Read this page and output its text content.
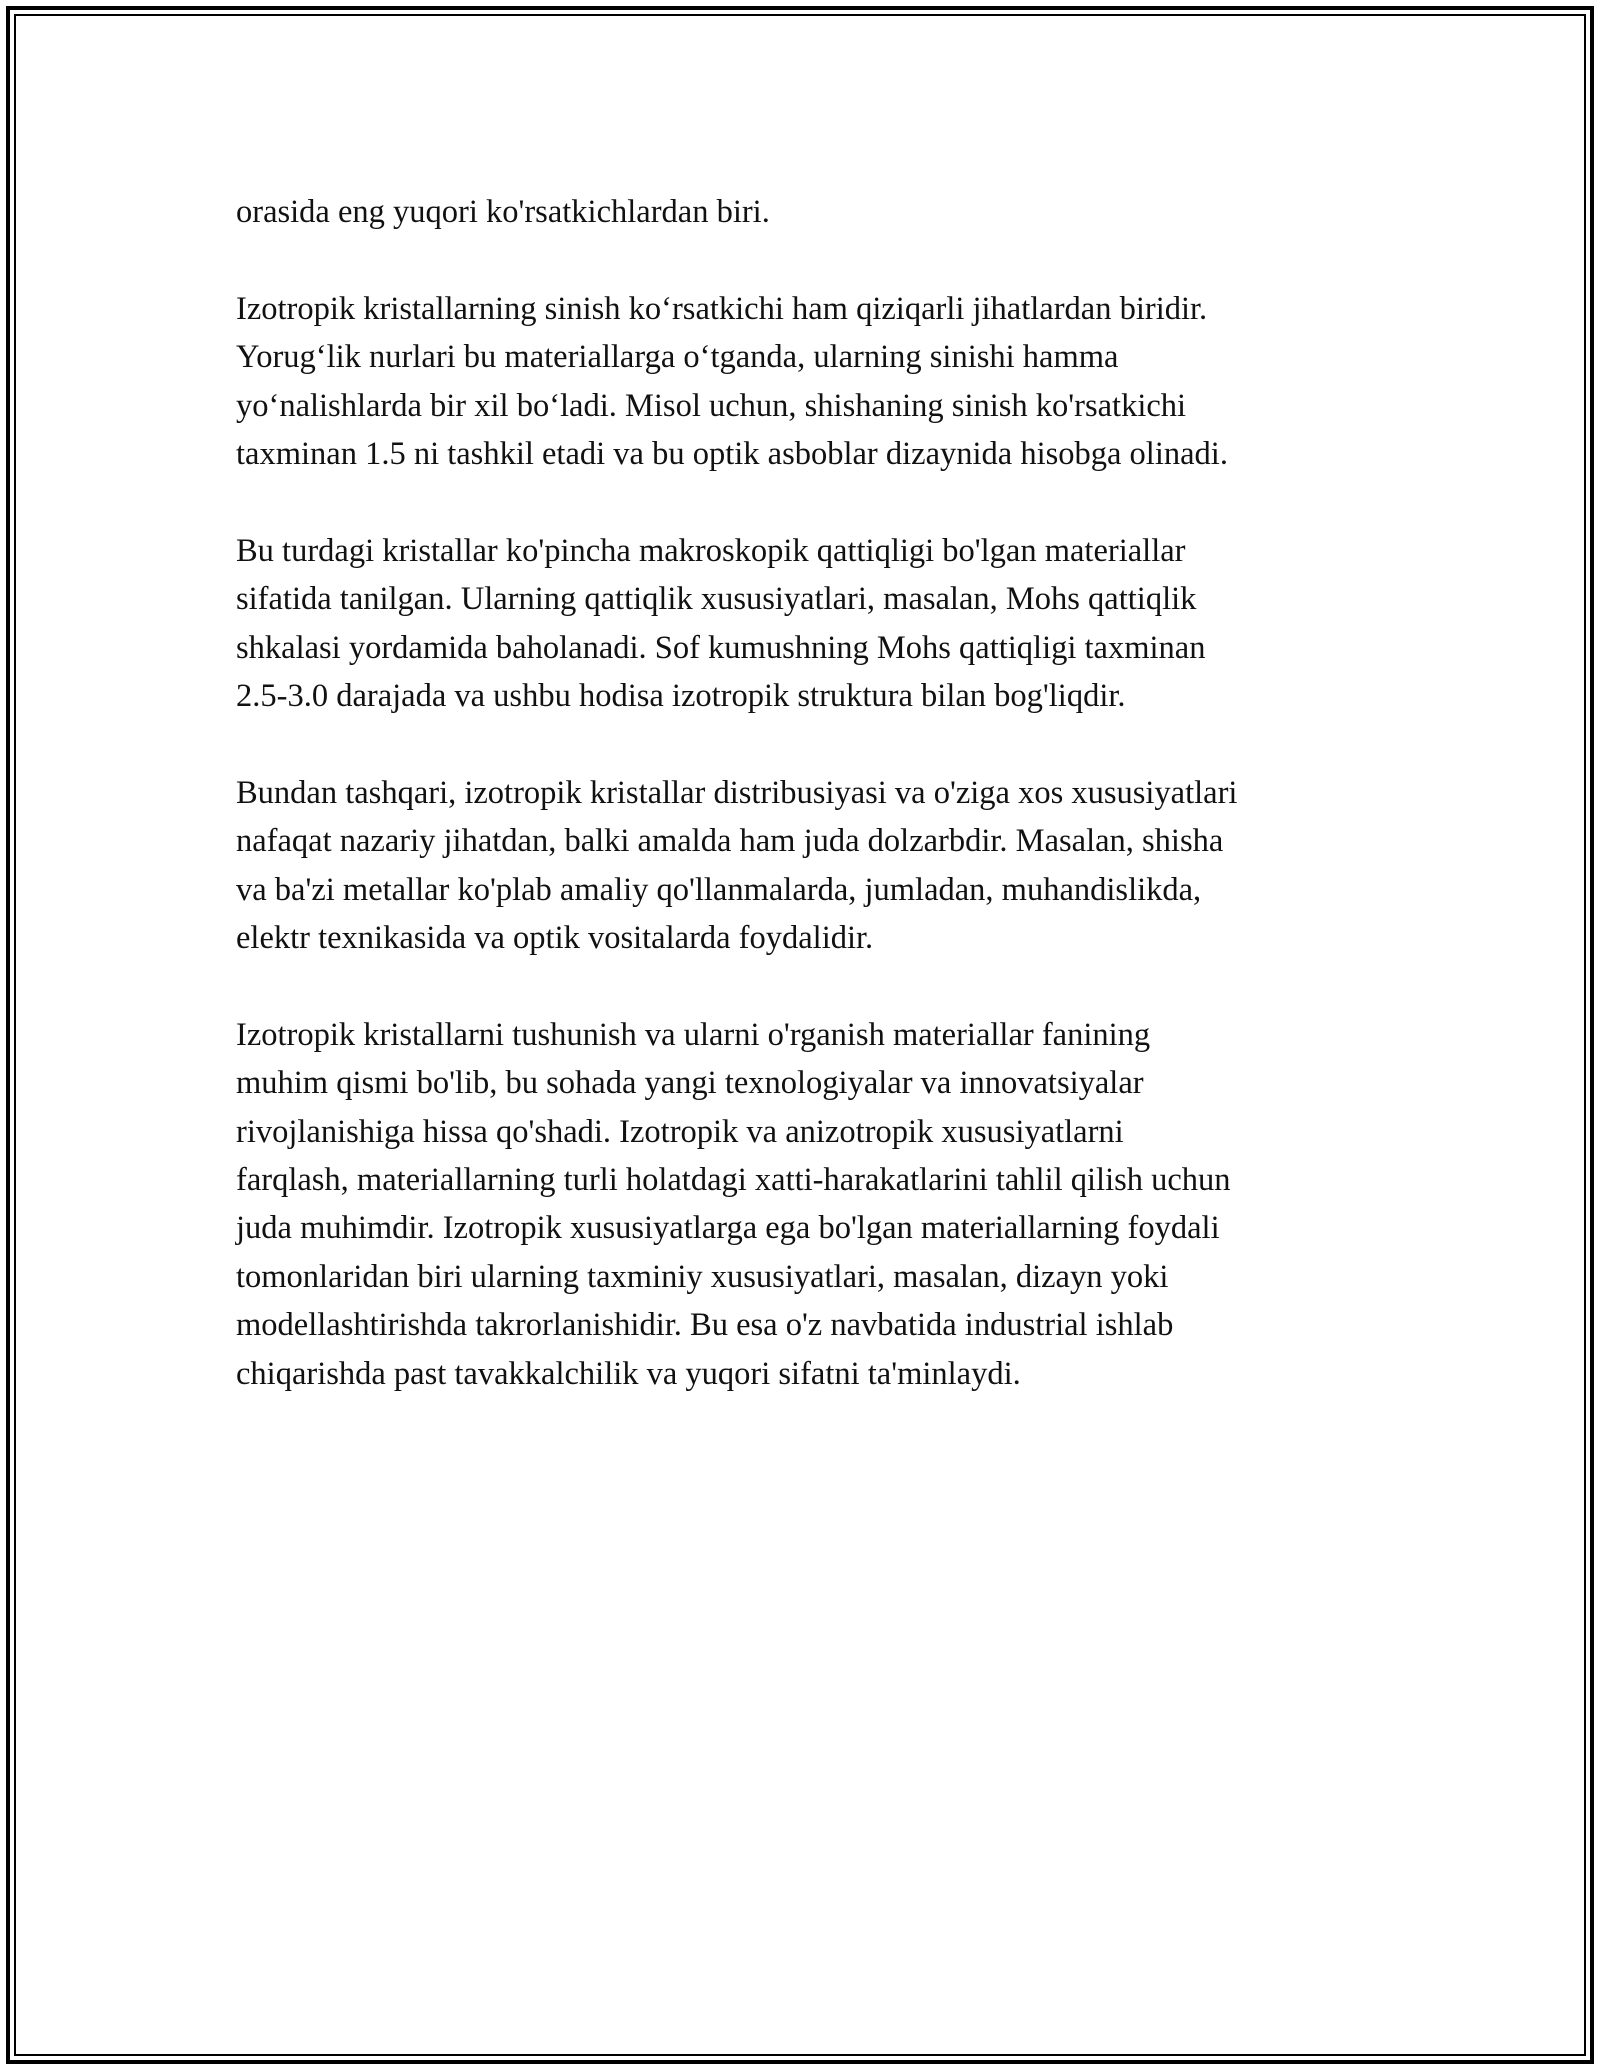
orasida eng yuqori ko'rsatkichlardan biri.

Izotropik kristallarning sinish koʻrsatkichi ham qiziqarli jihatlardan biridir.
Yorugʻlik nurlari bu materiallarga oʻtganda, ularning sinishi hamma
yoʻnalishlarda bir xil boʻladi. Misol uchun, shishaning sinish ko'rsatkichi
taxminan 1.5 ni tashkil etadi va bu optik asboblar dizaynida hisobga olinadi.

Bu turdagi kristallar ko'pincha makroskopik qattiqligi bo'lgan materiallar
sifatida tanilgan. Ularning qattiqlik xususiyatlari, masalan, Mohs qattiqlik
shkalasi yordamida baholanadi. Sof kumushning Mohs qattiqligi taxminan
2.5-3.0 darajada va ushbu hodisa izotropik struktura bilan bog'liqdir.

Bundan tashqari, izotropik kristallar distribusiyasi va o'ziga xos xususiyatlari
nafaqat nazariy jihatdan, balki amalda ham juda dolzarbdir. Masalan, shisha
va ba'zi metallar ko'plab amaliy qo'llanmalarda, jumladan, muhandislikda,
elektr texnikasida va optik vositalarda foydalidir.

Izotropik kristallarni tushunish va ularni o'rganish materiallar fanining
muhim qismi bo'lib, bu sohada yangi texnologiyalar va innovatsiyalar
rivojlanishiga hissa qo'shadi. Izotropik va anizotropik xususiyatlarni
farqlash, materiallarning turli holatdagi xatti-harakatlarini tahlil qilish uchun
juda muhimdir. Izotropik xususiyatlarga ega bo'lgan materiallarning foydali
tomonlaridan biri ularning taxminiy xususiyatlari, masalan, dizayn yoki
modellashtirishda takrorlanishidir. Bu esa o'z navbatida industrial ishlab
chiqarishda past tavakkalchilik va yuqori sifatni ta'minlaydi.
